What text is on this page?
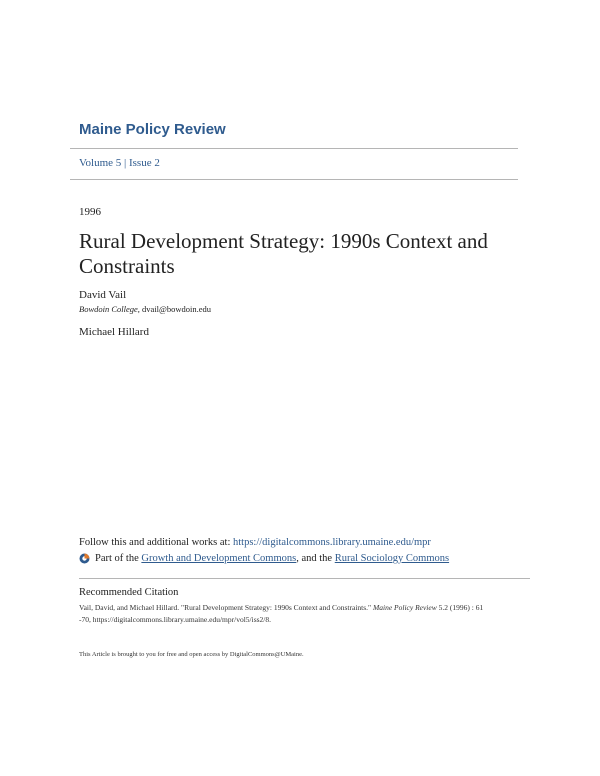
Maine Policy Review
Volume 5 | Issue 2
1996
Rural Development Strategy: 1990s Context and Constraints
David Vail
Bowdoin College, dvail@bowdoin.edu
Michael Hillard
Follow this and additional works at: https://digitalcommons.library.umaine.edu/mpr
Part of the
Growth and Development Commons , and the
Rural Sociology Commons
Recommended Citation
Vail, David, and Michael Hillard. "Rural Development Strategy: 1990s Context and Constraints." Maine Policy Review 5.2 (1996) : 61
-70, https://digitalcommons.library.umaine.edu/mpr/vol5/iss2/8.
This Article is brought to you for free and open access by DigitalCommons@UMaine.
